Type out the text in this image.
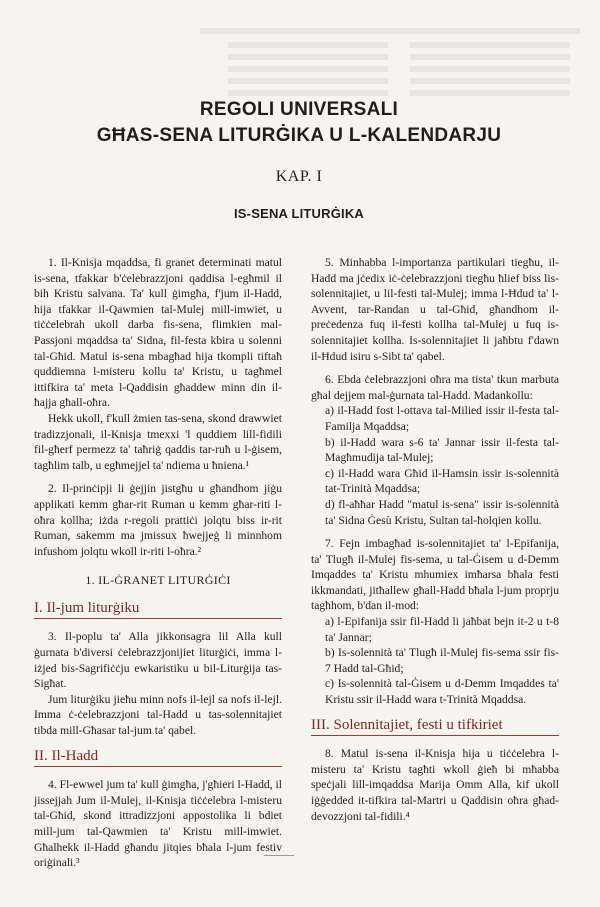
REGOLI UNIVERSALI
GĦAS-SENA LITURĠIKA U L-KALENDARJU
KAP. I
IS-SENA LITURĠIKA

1. Il-Knisja mqaddsa, fi granet determinati matul is-sena, tfakkar b'ċelebrazzjoni qaddisa l-egħmil il bih Kristu salvana. Ta' kull ġimgħa, f'jum il-Hadd, hija tfakkar il-Qawmien tal-Mulej mill-imwiet, u tiċċelebrah ukoll darba fis-sena, flimkien mal-Passjoni mqaddsa ta' Sidna, fil-festa kbira u solenni tal-Għid. Matul is-sena mbagħad hija tkompli tiftaħ quddiemna l-misteru kollu ta' Kristu, u tagħmel ittifkira ta' meta l-Qaddisin għaddew minn din il-ħajja għall-oħra.

Hekk ukoll, f'kull żmien tas-sena, skond drawwiet tradizzjonali, il-Knisja tmexxi 'l quddiem lill-fidili fil-għerf permezz ta' taħriġ qaddis tar-ruħ u l-ġisem, tagħlim talb, u egħmejjel ta' ndiema u ħniena.¹

2. Il-prinċipji li ġejjin jistgħu u għandhom jiġu applikati kemm għar-rit Ruman u kemm għar-riti l-oħra kollha; iżda r-regoli prattiċi jolqtu biss ir-rit Ruman, sakemm ma jmissux ħwejjeġ li minnhom infushom jolqtu wkoll ir-riti l-oħra.²

1. IL-ĠRANET LITURĠIĊI
I. Il-jum liturġiku

3. Il-poplu ta' Alla jikkonsagra lil Alla kull ġurnata b'diversi ċelebrazzjonijiet liturġiċi, imma l-iżjed bis-Sagrifiċċju ewkaristiku u bil-Liturġija tas-Sigħat.

Jum liturġiku jieħu minn nofs il-lejl sa nofs il-lejl. Imma ċ-ċelebrazzjoni tal-Hadd u tas-solennitajiet tibda mill-Għasar tal-jum ta' qabel.

II. Il-Hadd

4. Fl-ewwel jum ta' kull ġimgħa, j'għieri l-Hadd, il jissejjah Jum il-Mulej, il-Knisja tiċċelebra l-misteru tal-Għid, skond ittradizzjoni appostolika li bdiet mill-jum tal-Qawmien ta' Kristu mill-imwiet. Għalhekk il-Hadd għandu jitqies bħala l-jum festiv oriġinali.³

5. Minhabba l-importanza partikulari tiegħu, il-Hadd ma jċedix iċ-ċelebrazzjoni tiegħu ħlief biss lis-solennitajiet, u lil-festi tal-Mulej; imma l-Ħdud ta' l-Avvent, tar-Randan u tal-Għid, għandhom il-preċedenza fuq il-festi kollha tal-Mulej u fuq is-solennitajiet kollha. Is-solennitajiet li jaħbtu f'dawn il-Ħdud isiru s-Sibt ta' qabel.

6. Ebda ċelebrazzjoni oħra ma tista' tkun marbuta għal dejjem mal-ġurnata tal-Hadd. Madankollu:

a) il-Hadd fost l-ottava tal-Milied issir il-festa tal-Familja Mqaddsa;

b) il-Hadd wara s-6 ta' Jannar issir il-festa tal-Magħmudija tal-Mulej;

c) il-Hadd wara Għid il-Hamsin issir is-solennità tat-Trinità Mqaddsa;

d) fl-aħħar Hadd "matul is-sena" issir is-solennità ta' Sidna Ġesù Kristu, Sultan tal-ħolqien kollu.

7. Fejn imbagħad is-solennitajiet ta' l-Epifanija, ta' Tlugħ il-Mulej fis-sema, u tal-Ġisem u d-Demm Imqaddes ta' Kristu mhumiex imħarsa bħala festi ikkmandati, jitħallew għall-Hadd bħala l-jum proprju tagħhom, b'dan il-mod:

a) l-Epifanija ssir fil-Hadd li jaħbat bejn it-2 u t-8 ta' Jannar;

b) Is-solennità ta' Tlugħ il-Mulej fis-sema ssir fis-7 Hadd tal-Għid;

c) Is-solennità tal-Ġisem u d-Demm Imqaddes ta' Kristu ssir il-Hadd wara t-Trinità Mqaddsa.

III. Solennitajiet, festi u tifkiriet

8. Matul is-sena il-Knisja hija u tiċċelebra l-misteru ta' Kristu tagħti wkoll ġieħ bi mħabba speċjali lill-imqaddsa Marija Omm Alla, kif ukoll iġġedded it-tifkira tal-Martri u Qaddisin oħra għad-devozzjoni tal-fidili.⁴
